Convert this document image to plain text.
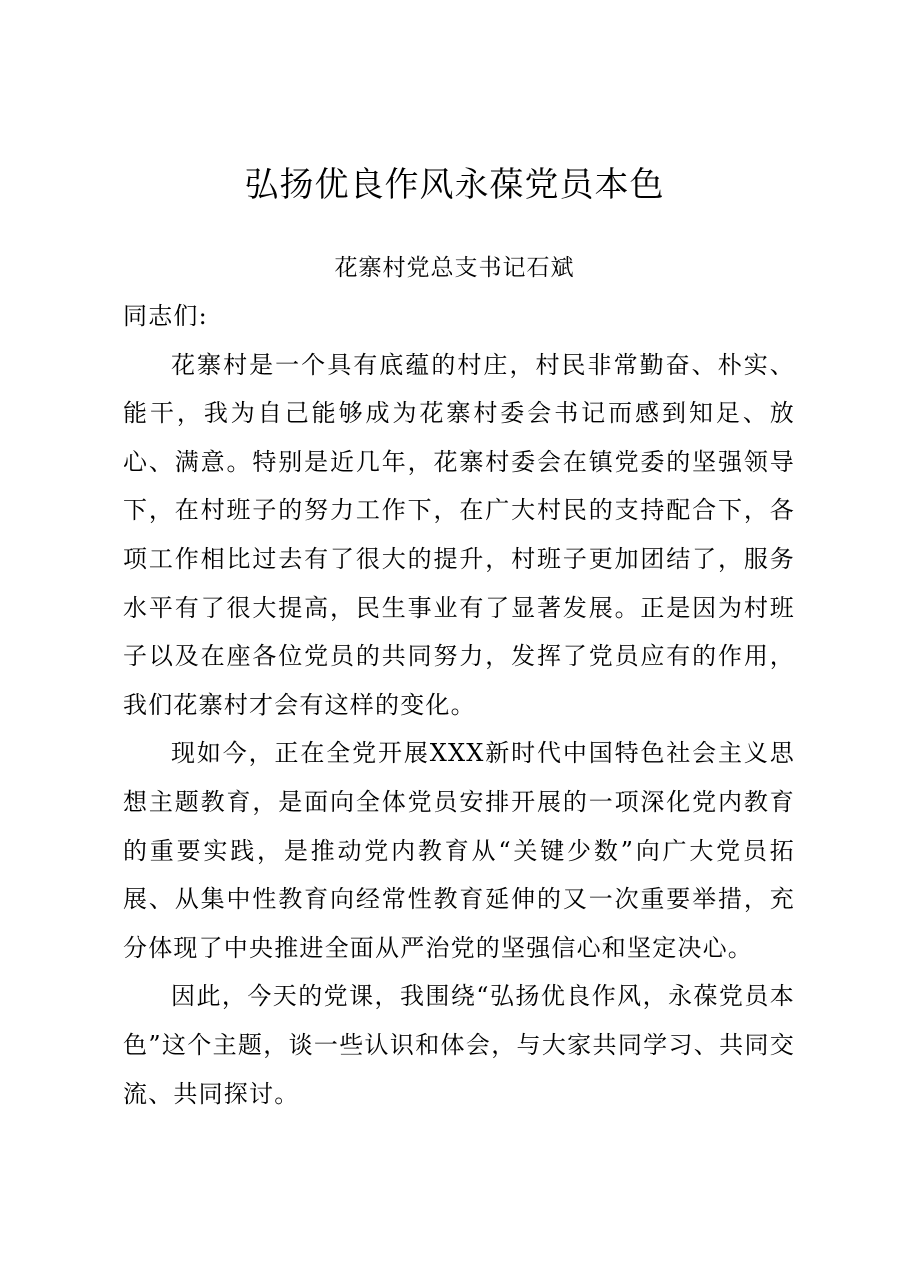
弘扬优良作风永葆党员本色
花寨村党总支书记石斌

同志们:

花寨村是一个具有底蕴的村庄，村民非常勤奋、朴实、能干，我为自己能够成为花寨村委会书记而感到知足、放心、满意。特别是近几年，花寨村委会在镇党委的坚强领导下，在村班子的努力工作下，在广大村民的支持配合下，各项工作相比过去有了很大的提升，村班子更加团结了，服务水平有了很大提高，民生事业有了显著发展。正是因为村班子以及在座各位党员的共同努力，发挥了党员应有的作用，我们花寨村才会有这样的变化。

现如今，正在全党开展XXX新时代中国特色社会主义思想主题教育，是面向全体党员安排开展的一项深化党内教育的重要实践，是推动党内教育从“关键少数”向广大党员拓展、从集中性教育向经常性教育延伸的又一次重要举措，充分体现了中央推进全面从严治党的坚强信心和坚定决心。

因此，今天的党课，我围绕“弘扬优良作风，永葆党员本色”这个主题，谈一些认识和体会，与大家共同学习、共同交流、共同探讨。
